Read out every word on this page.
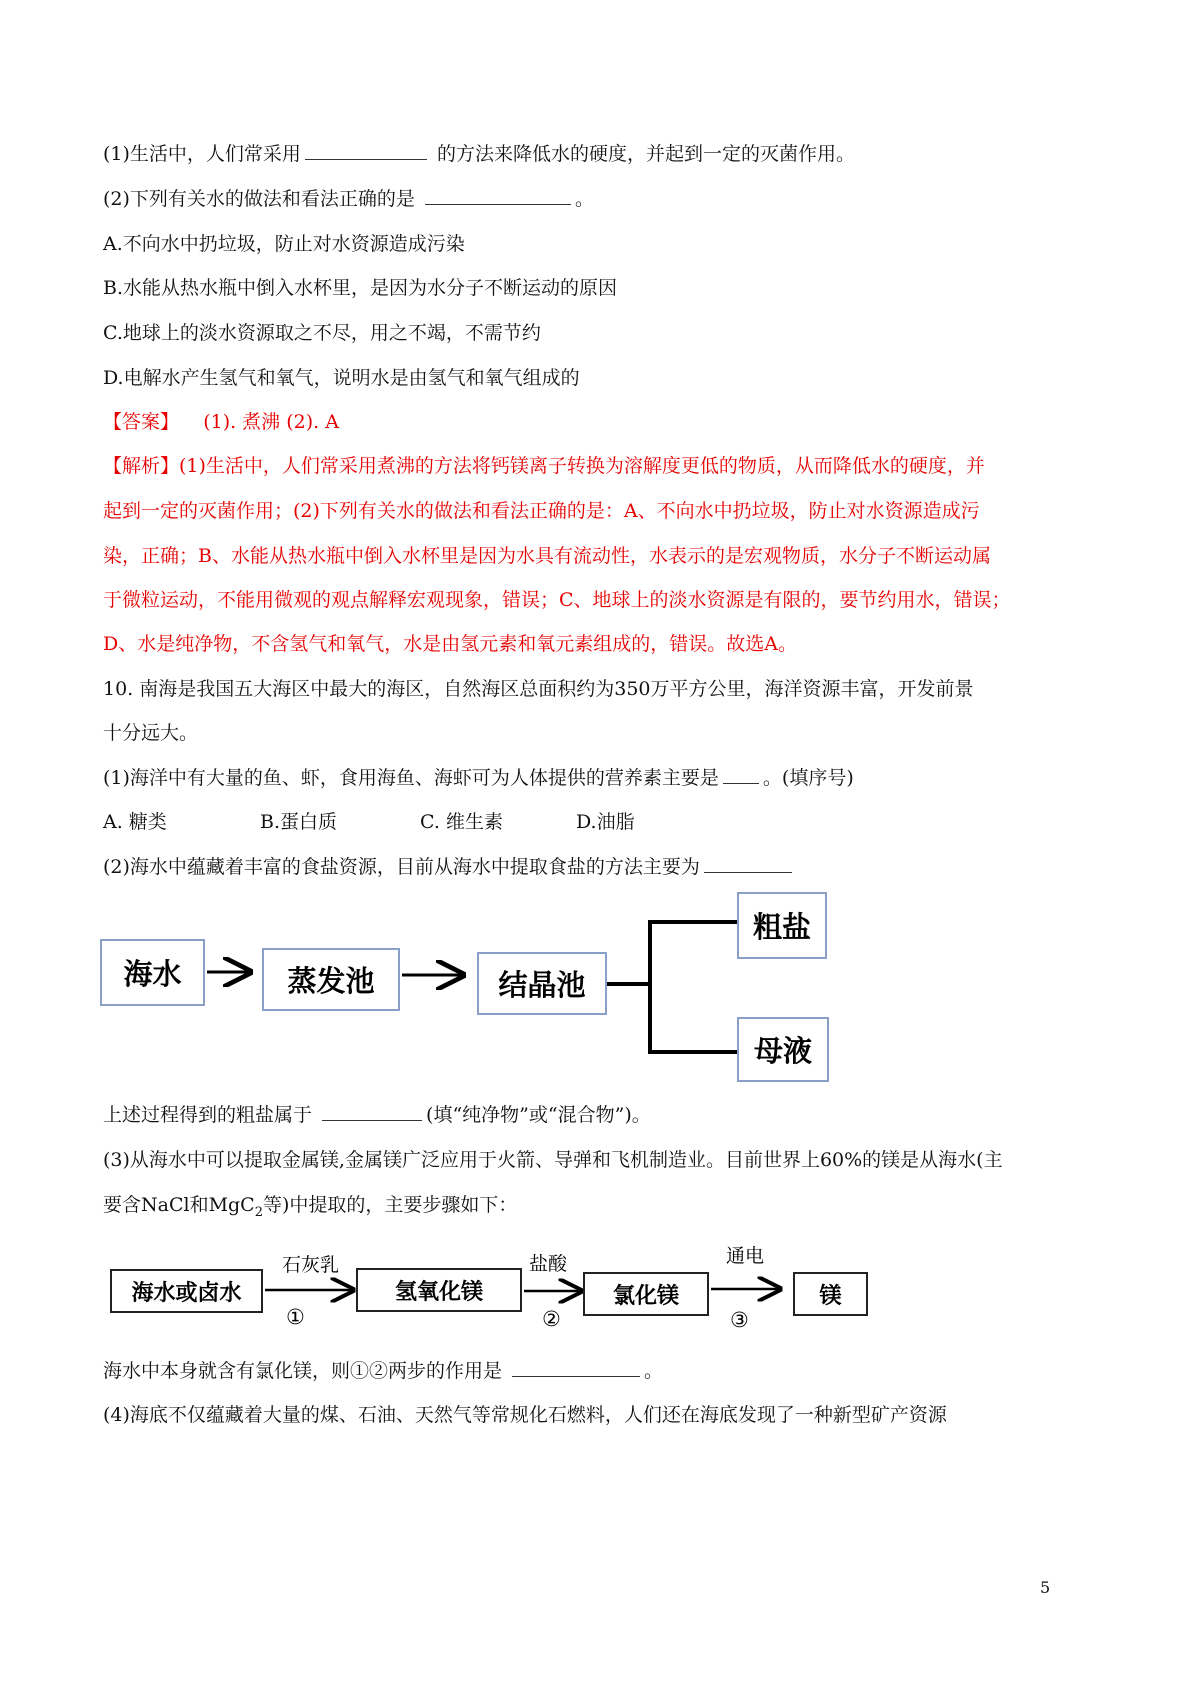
(1)生活中，人们常采用	的方法来降低水的硬度，并起到一定的灭菌作用。
(2)下列有关水的做法和看法正确的是	。
A.不向水中扔垃圾，防止对水资源造成污染
B.水能从热水瓶中倒入水杯里，是因为水分子不断运动的原因
C.地球上的淡水资源取之不尽，用之不竭，不需节约
D.电解水产生氢气和氧气，说明水是由氢气和氧气组成的
【答案】 (1). 煮沸 (2). A
【解析】(1)生活中，人们常采用煮沸的方法将钙镁离子转换为溶解度更低的物质，从而降低水的硬度，并
起到一定的灭菌作用；(2)下列有关水的做法和看法正确的是：A、不向水中扔垃圾，防止对水资源造成污
染，正确；B、水能从热水瓶中倒入水杯里是因为水具有流动性，水表示的是宏观物质，水分子不断运动属
于微粒运动，不能用微观的观点解释宏观现象，错误；C、地球上的淡水资源是有限的，要节约用水，错误；
D、水是纯净物，不含氢气和氧气，水是由氢元素和氧元素组成的，错误。故选A。
10. 南海是我国五大海区中最大的海区，自然海区总面积约为350万平方公里，海洋资源丰富，开发前景
十分远大。
(1)海洋中有大量的鱼、虾，食用海鱼、海虾可为人体提供的营养素主要是 。(填序号)
A. 糖类	B.蛋白质	C. 维生素	D.油脂
(2)海水中蕴藏着丰富的食盐资源，目前从海水中提取食盐的方法主要为
海水	蒸发池	结晶池
粗盐
母液
上述过程得到的粗盐属于	(填“纯净物”或“混合物”)。
(3)从海水中可以提取金属镁,金属镁广泛应用于火箭、导弹和飞机制造业。目前世界上60%的镁是从海水(主
要含NaCl和MgC$_2$等)中提取的，主要步骤如下：
海水或卤水	氢氧化镁	氯化镁	镁
石灰乳	盐酸	通电
①	②	③
海水中本身就含有氯化镁，则①②两步的作用是	。
(4)海底不仅蕴藏着大量的煤、石油、天然气等常规化石燃料，人们还在海底发现了一种新型矿产资源
5
